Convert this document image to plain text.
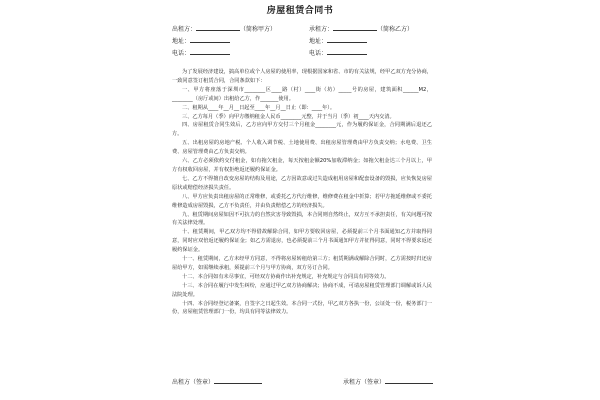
房屋租赁合同书
出租方：	（简称甲方）
地址：
电话：
承租方：	（简称乙方）
地址：
电话：

为了发展经济建设，搞高单位或个人房屋的使用率，现根据国家和省、市的有关法规，经甲乙双方充分协商，一致同意签订租赁合同，合同条款如下：

一、甲方将座落于深圳市________区____路（村）____街（坊）_____号的房屋，建筑面积______M2，________（房厅或间）出租给乙方，作_______使用。

二、租期从____年__月__日起至____年__月__日止（即：____年）。

三、乙方每月（季）向甲方缴纳租金人民币________元整，并于当月（季）初____天内交清。

四、房屋租赁合同生效后，乙方应向甲方交付三个月租金________元，作为履约保证金，合同期满后退还乙方。

五、出租房屋的房地产税、个人收入调节税、土地使用费、出租房屋管理费由甲方负责交纳；水电费、卫生费、房屋管理费由乙方负责交纳。

六、乙方必须依约交付租金，如有拖欠租金，每天按租金额20%加收滞纳金；如拖欠租金达三个月以上，甲方有权收回房屋，并有权拒绝返还履约保证金。

七、乙方不得擅自改变房屋的结构及用途，乙方因故意或过失造成租用房屋和配套设备的毁损，应负恢复房屋原状或赔偿经济损失责任。

八、甲方应负责出租房屋的正常维修，或委托乙方代行维修，维修费在租金中折算；若甲方拖延维修或不委托维修造成房屋毁损，乙方不负责任，并由负责赔偿乙方的经济损失。

九、租赁期间房屋如因不可抗力的自然灾害导致毁损，本合同则自然终止，双方互不承担责任，有关问题可按有关法律处理。

十、租赁期间，甲乙双方均不得借故解除合同，如甲方要收回房屋，必须提前三个月书面通知乙方并取得同意，同时应双倍返还履约保证金；如乙方需退房，也必须提前三个月书面通知甲方并征得同意，同时不得要求返还履约保证金。

十一、租赁期间，乙方未经甲方同意，不得将房屋转租给第三方；租赁期满或解除合同时，乙方需按时归还房屋给甲方，如需继续承租，须提前三个月与甲方协商，双方另订合同。

十二、本合同如有未尽事宜，可经双方协商作出补充规定，补充规定与合同具有同等效力。

十三、本合同在履行中发生纠纷，应通过甲乙双方协商解决；协商不成，可请房屋租赁管理部门调解或诉人民法院处理。

十四、本合同经登记备案，自签字之日起生效。本合同一式份，甲乙双方各执一份，公证处一份，税务部门一份，房屋租赁管理部门一份，均具有同等法律效力。

出租方（签章）	承租方（签章）
